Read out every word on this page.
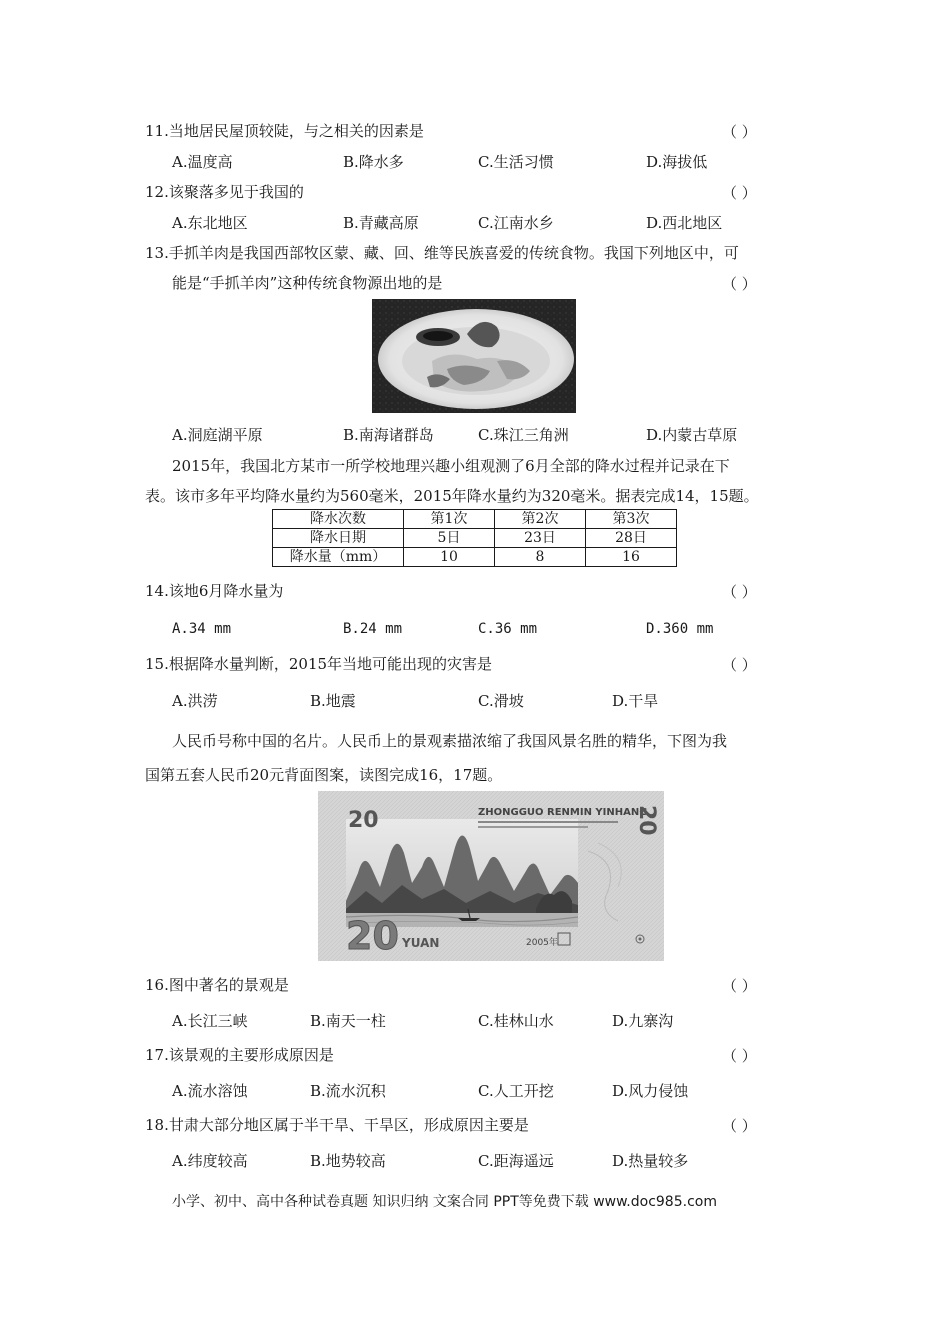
11.当地居民屋顶较陡，与之相关的因素是	（ ）
A.温度高	B.降水多	C.生活习惯	D.海拔低
12.该聚落多见于我国的	（ ）
A.东北地区	B.青藏高原	C.江南水乡	D.西北地区
13.手抓羊肉是我国西部牧区蒙、藏、回、维等民族喜爱的传统食物。我国下列地区中，可
能是“手抓羊肉”这种传统食物源出地的是	（ ）
A.洞庭湖平原	B.南海诸群岛	C.珠江三角洲	D.内蒙古草原
2015年，我国北方某市一所学校地理兴趣小组观测了6月全部的降水过程并记录在下
表。该市多年平均降水量约为560毫米，2015年降水量约为320毫米。据表完成14，15题。
降水次数	第1次	第2次	第3次
降水日期	5日	23日	28日
降水量（mm）	10	8	16
14.该地6月降水量为	（ ）
A.34 mm	B.24 mm	C.36 mm	D.360 mm
15.根据降水量判断，2015年当地可能出现的灾害是	（ ）
A.洪涝	B.地震	C.滑坡	D.干旱
人民币号称中国的名片。人民币上的景观素描浓缩了我国风景名胜的精华，下图为我
国第五套人民币20元背面图案，读图完成16，17题。
20	ZHONGGUO RENMIN YINHANG
20
20 YUAN	2005年
16.图中著名的景观是	（ ）
A.长江三峡	B.南天一柱	C.桂林山水	D.九寨沟
17.该景观的主要形成原因是	（ ）
A.流水溶蚀	B.流水沉积	C.人工开挖	D.风力侵蚀
18.甘肃大部分地区属于半干旱、干旱区，形成原因主要是	（ ）
A.纬度较高	B.地势较高	C.距海遥远	D.热量较多
小学、初中、高中各种试卷真题 知识归纳 文案合同 PPT等免费下载 www.doc985.com
